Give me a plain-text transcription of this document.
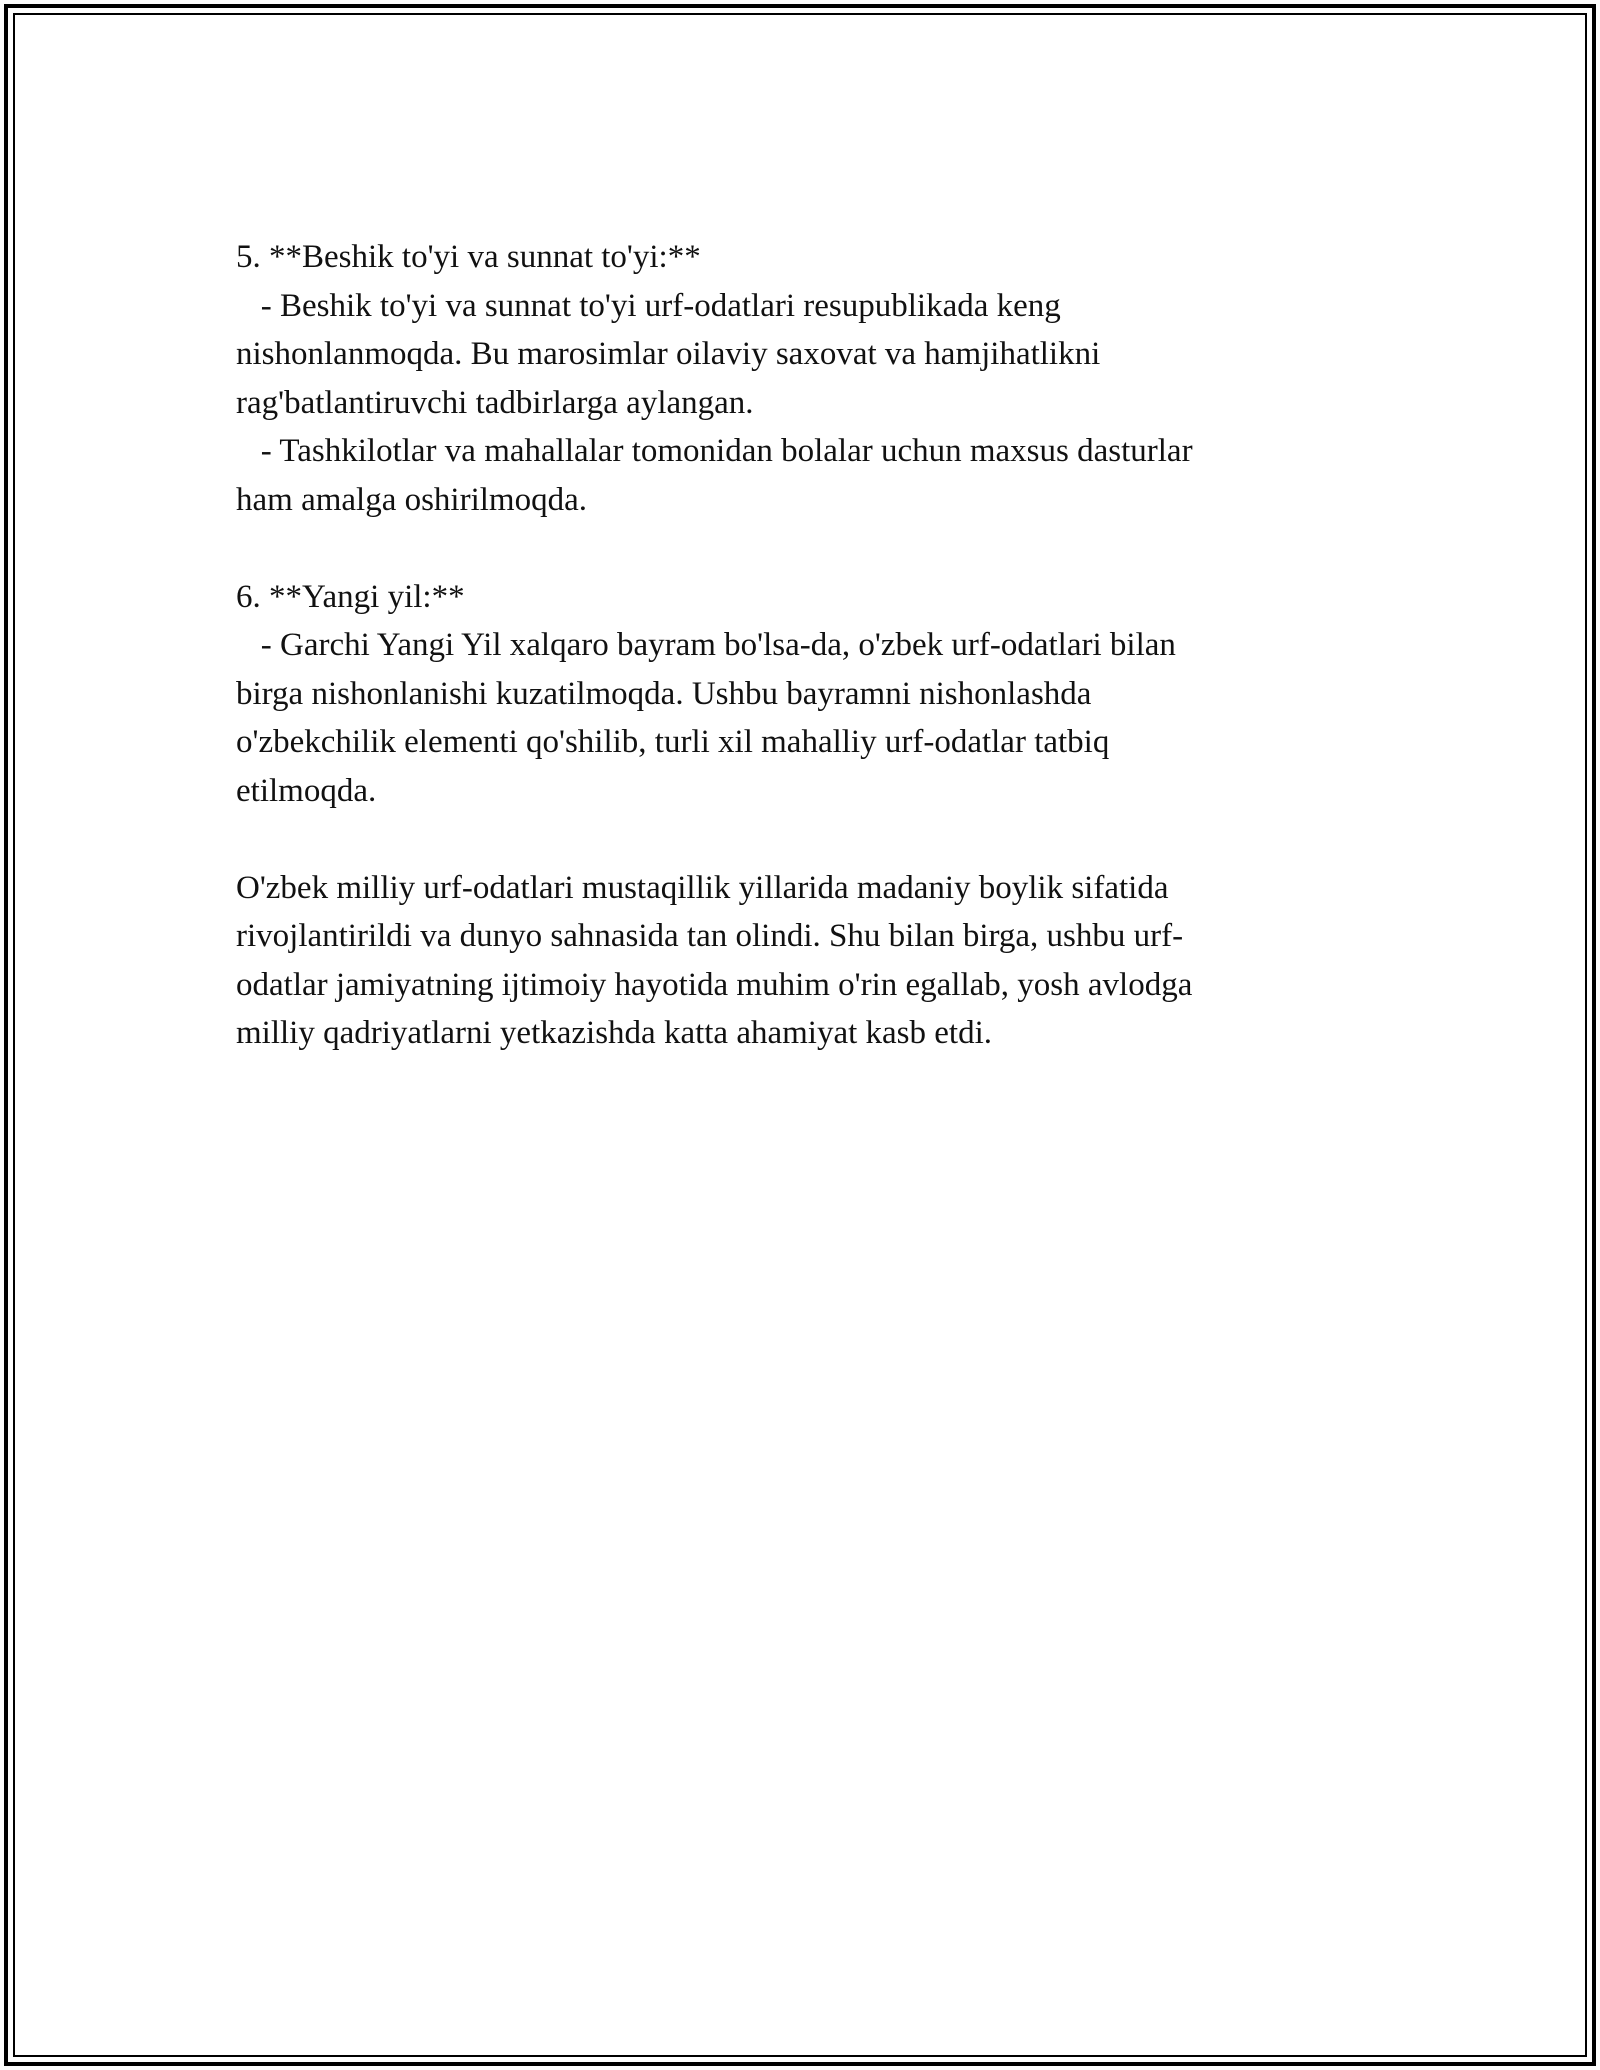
5. **Beshik to'yi va sunnat to'yi:**

- Beshik to'yi va sunnat to'yi urf-odatlari resupublikada keng

nishonlanmoqda. Bu marosimlar oilaviy saxovat va hamjihatlikni

rag'batlantiruvchi tadbirlarga aylangan.

- Tashkilotlar va mahallalar tomonidan bolalar uchun maxsus dasturlar

ham amalga oshirilmoqda.

6. **Yangi yil:**

- Garchi Yangi Yil xalqaro bayram bo'lsa-da, o'zbek urf-odatlari bilan

birga nishonlanishi kuzatilmoqda. Ushbu bayramni nishonlashda

o'zbekchilik elementi qo'shilib, turli xil mahalliy urf-odatlar tatbiq

etilmoqda.

O'zbek milliy urf-odatlari mustaqillik yillarida madaniy boylik sifatida

rivojlantirildi va dunyo sahnasida tan olindi. Shu bilan birga, ushbu urf-

odatlar jamiyatning ijtimoiy hayotida muhim o'rin egallab, yosh avlodga

milliy qadriyatlarni yetkazishda katta ahamiyat kasb etdi.
